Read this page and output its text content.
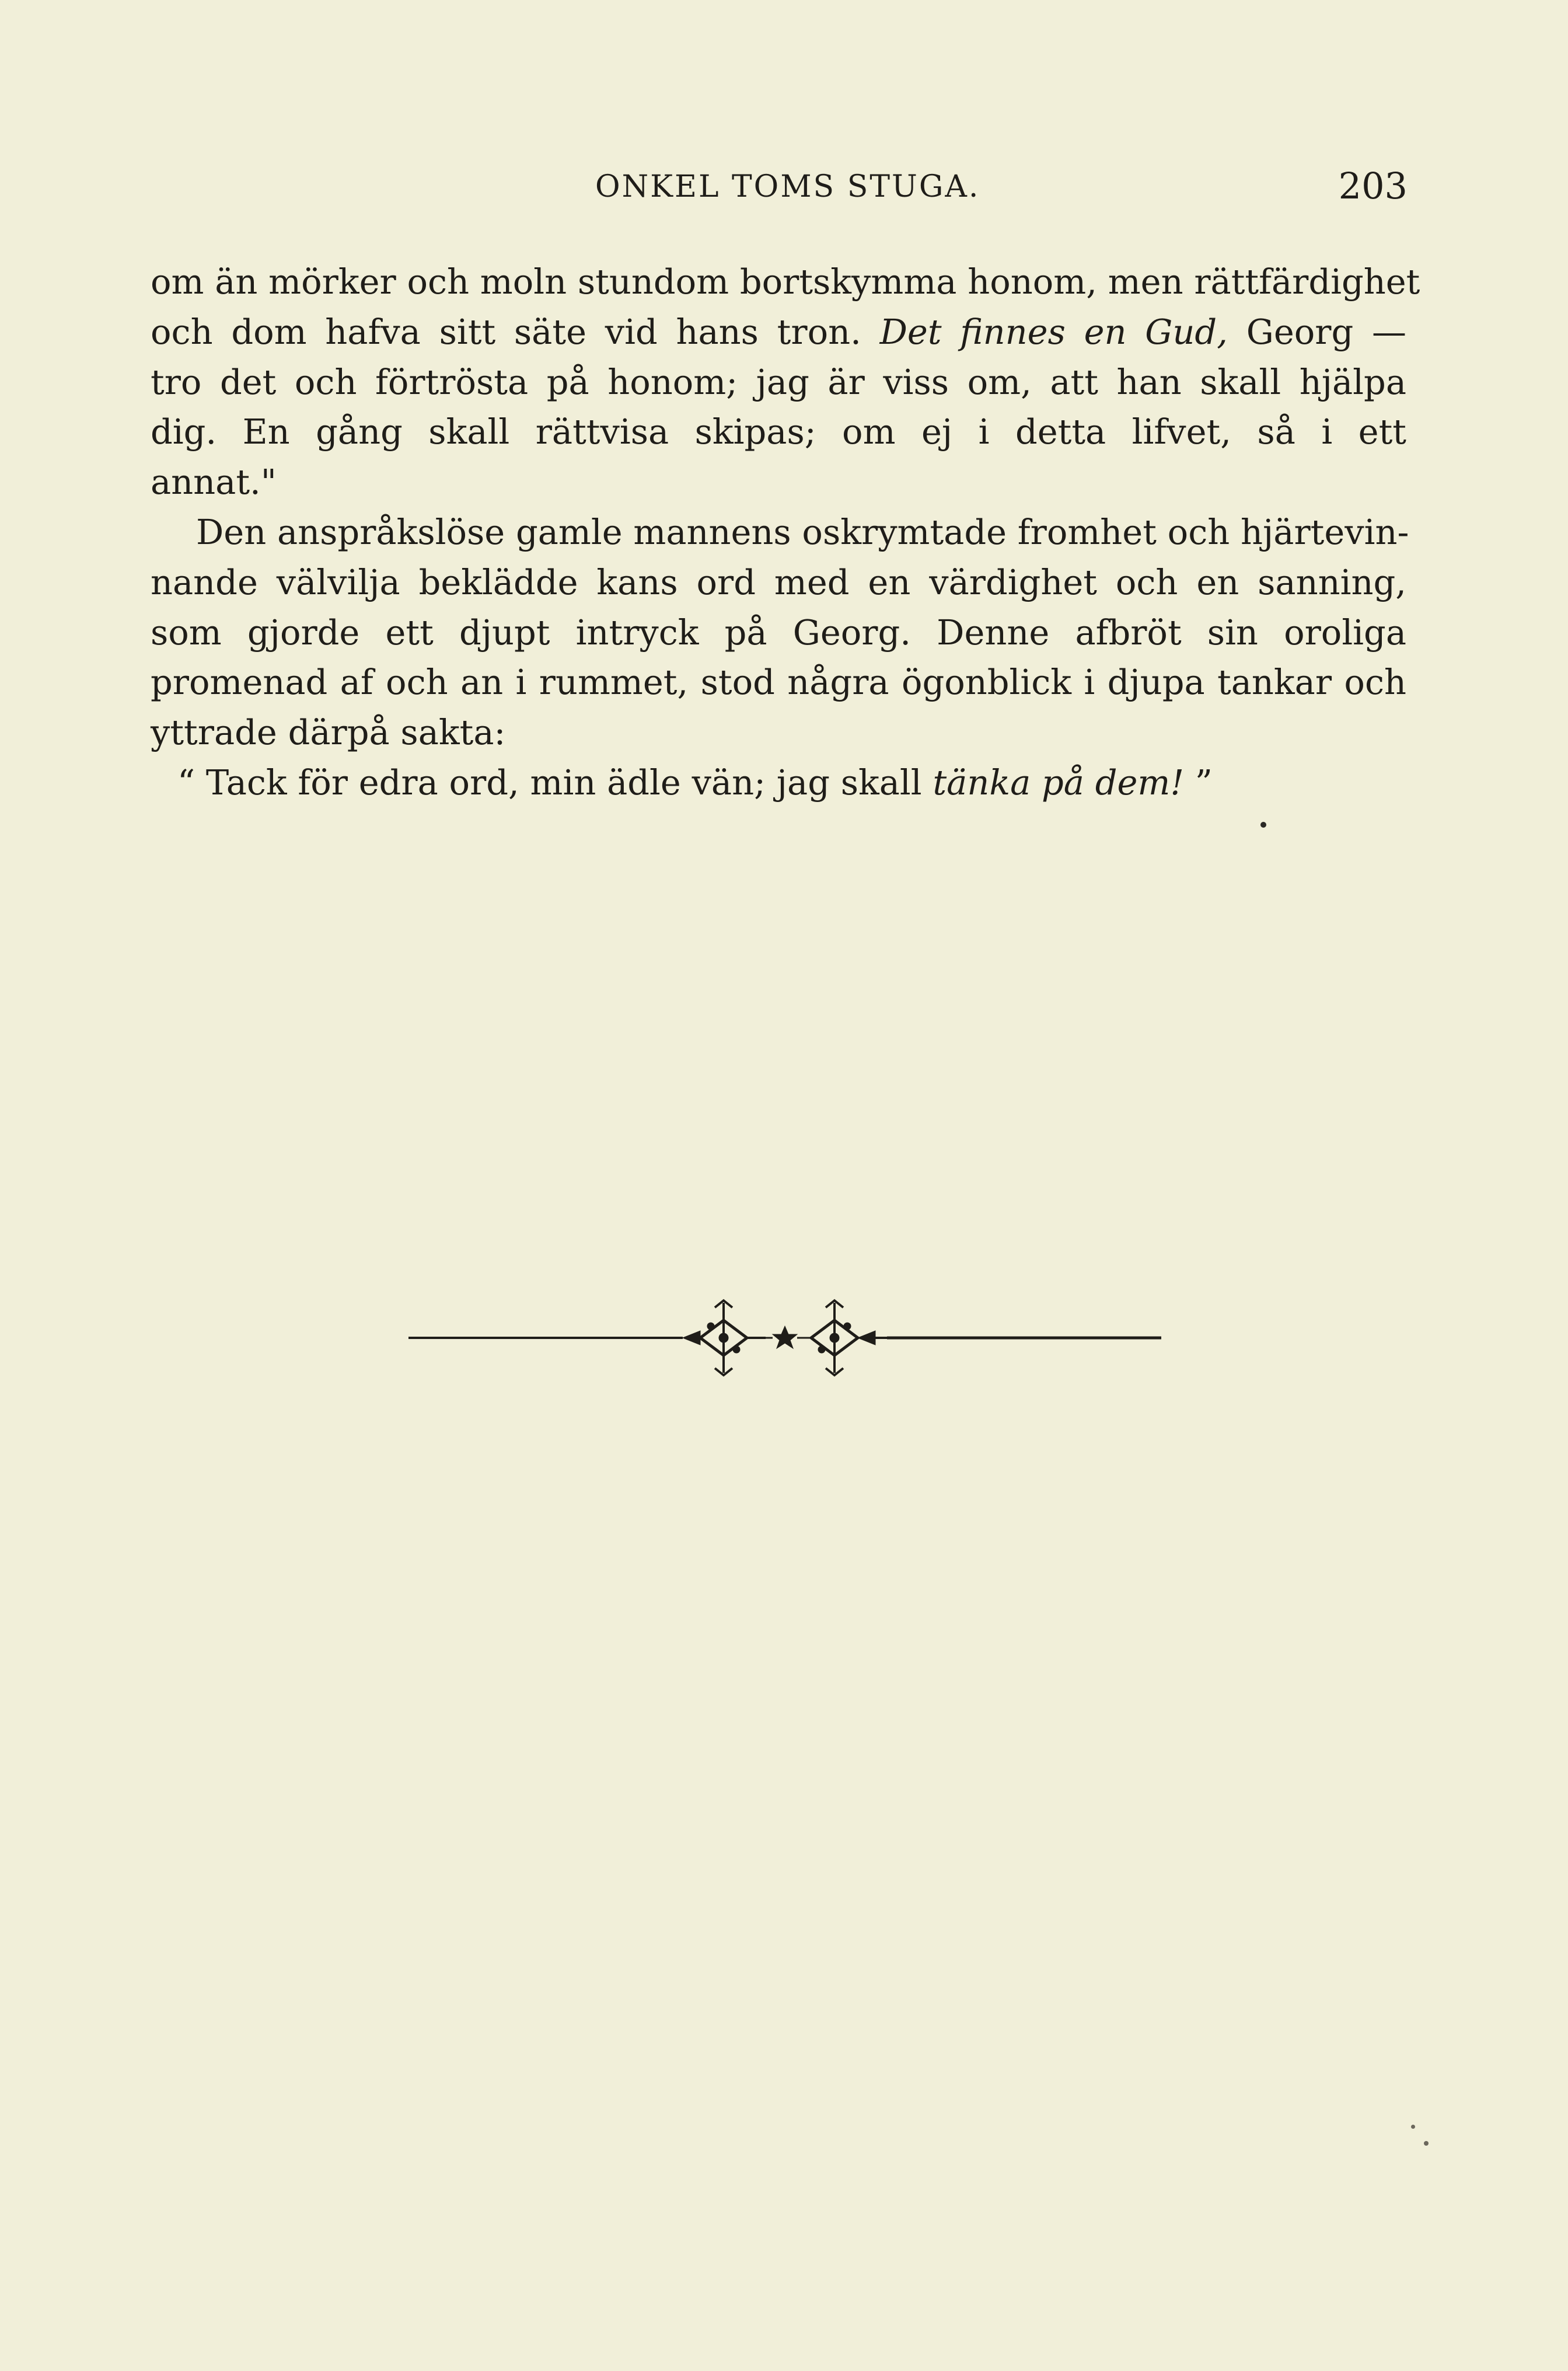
ONKEL TOMS STUGA.	203
om än mörker och moln stundom bortskymma honom, men rättfärdighet
och dom hafva sitt säte vid hans tron. Det finnes en Gud, Georg —
tro det och förtrösta på honom; jag är viss om, att han skall hjälpa
dig. En gång skall rättvisa skipas; om ej i detta lifvet, så i ett
annat."
Den anspråkslöse gamle mannens oskrymtade fromhet och hjärtevin-
nande välvilja beklädde kans ord med en värdighet och en sanning,
som gjorde ett djupt intryck på Georg. Denne afbröt sin oroliga
promenad af och an i rummet, stod några ögonblick i djupa tankar och
yttrade därpå sakta:
“ Tack för edra ord, min ädle vän; jag skall tänka på dem! ”
